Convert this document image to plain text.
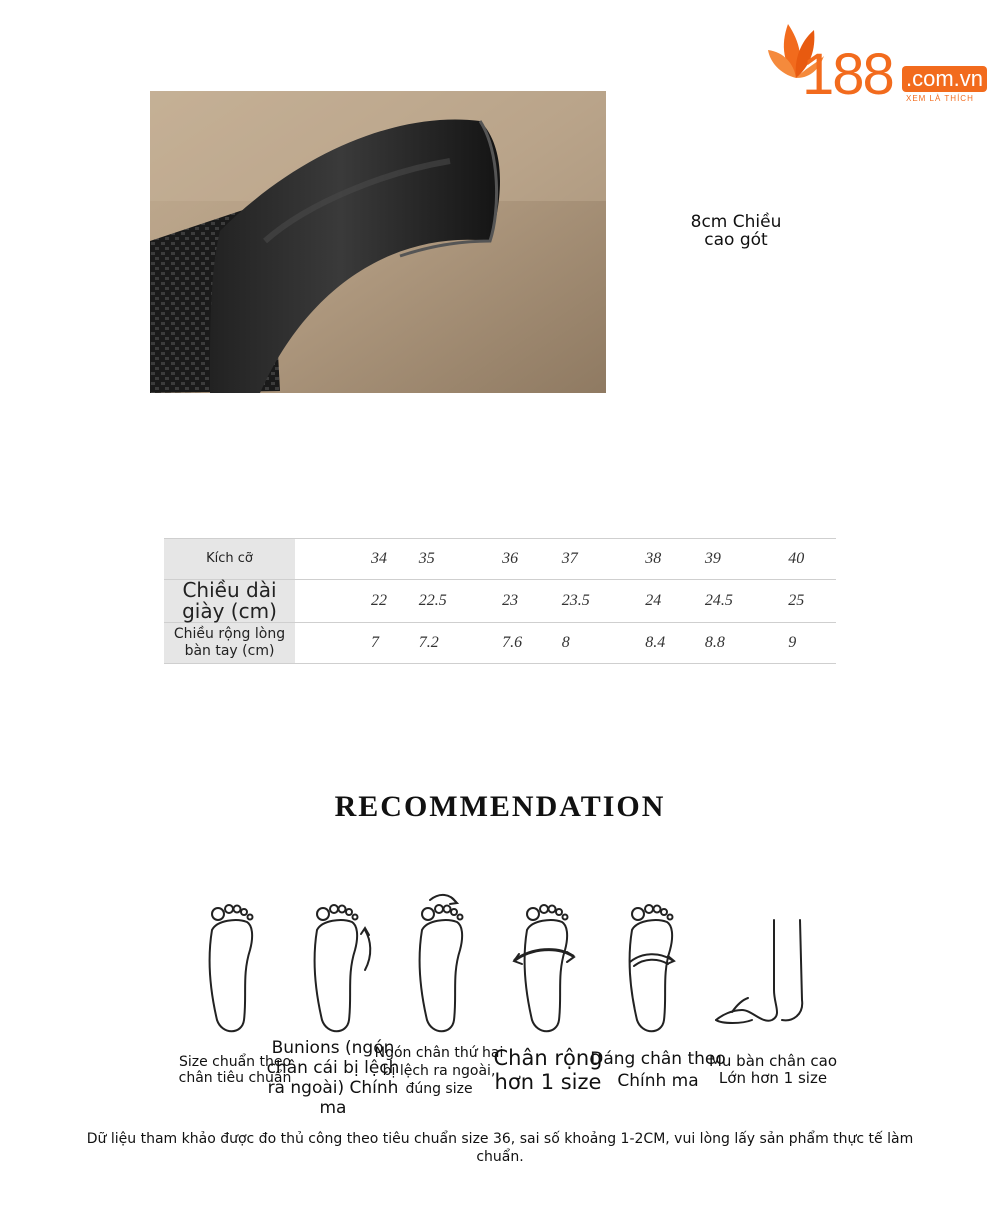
188 .com.vn
XEM LÀ THÍCH
8cm Chiều cao gót
Kích cỡ		34	35	36	37	38	39	40
Chiều dài giày (cm)		22	22.5	23	23.5	24	24.5	25
Chiều rộng lòng bàn tay (cm)		7	7.2	7.6	8	8.4	8.8	9
RECOMMENDATION
Size chuẩn theo chân tiêu chuẩn
Bunions (ngón chân cái bị lệch ra ngoài) Chính ma
Ngón chân thứ hai bị lệch ra ngoài, đúng size
Chân rộng hơn 1 size
Dáng chân theo Chính ma
Mu bàn chân cao Lớn hơn 1 size
Dữ liệu tham khảo được đo thủ công theo tiêu chuẩn size 36, sai số khoảng 1-2CM, vui lòng lấy sản phẩm thực tế làm chuẩn.
